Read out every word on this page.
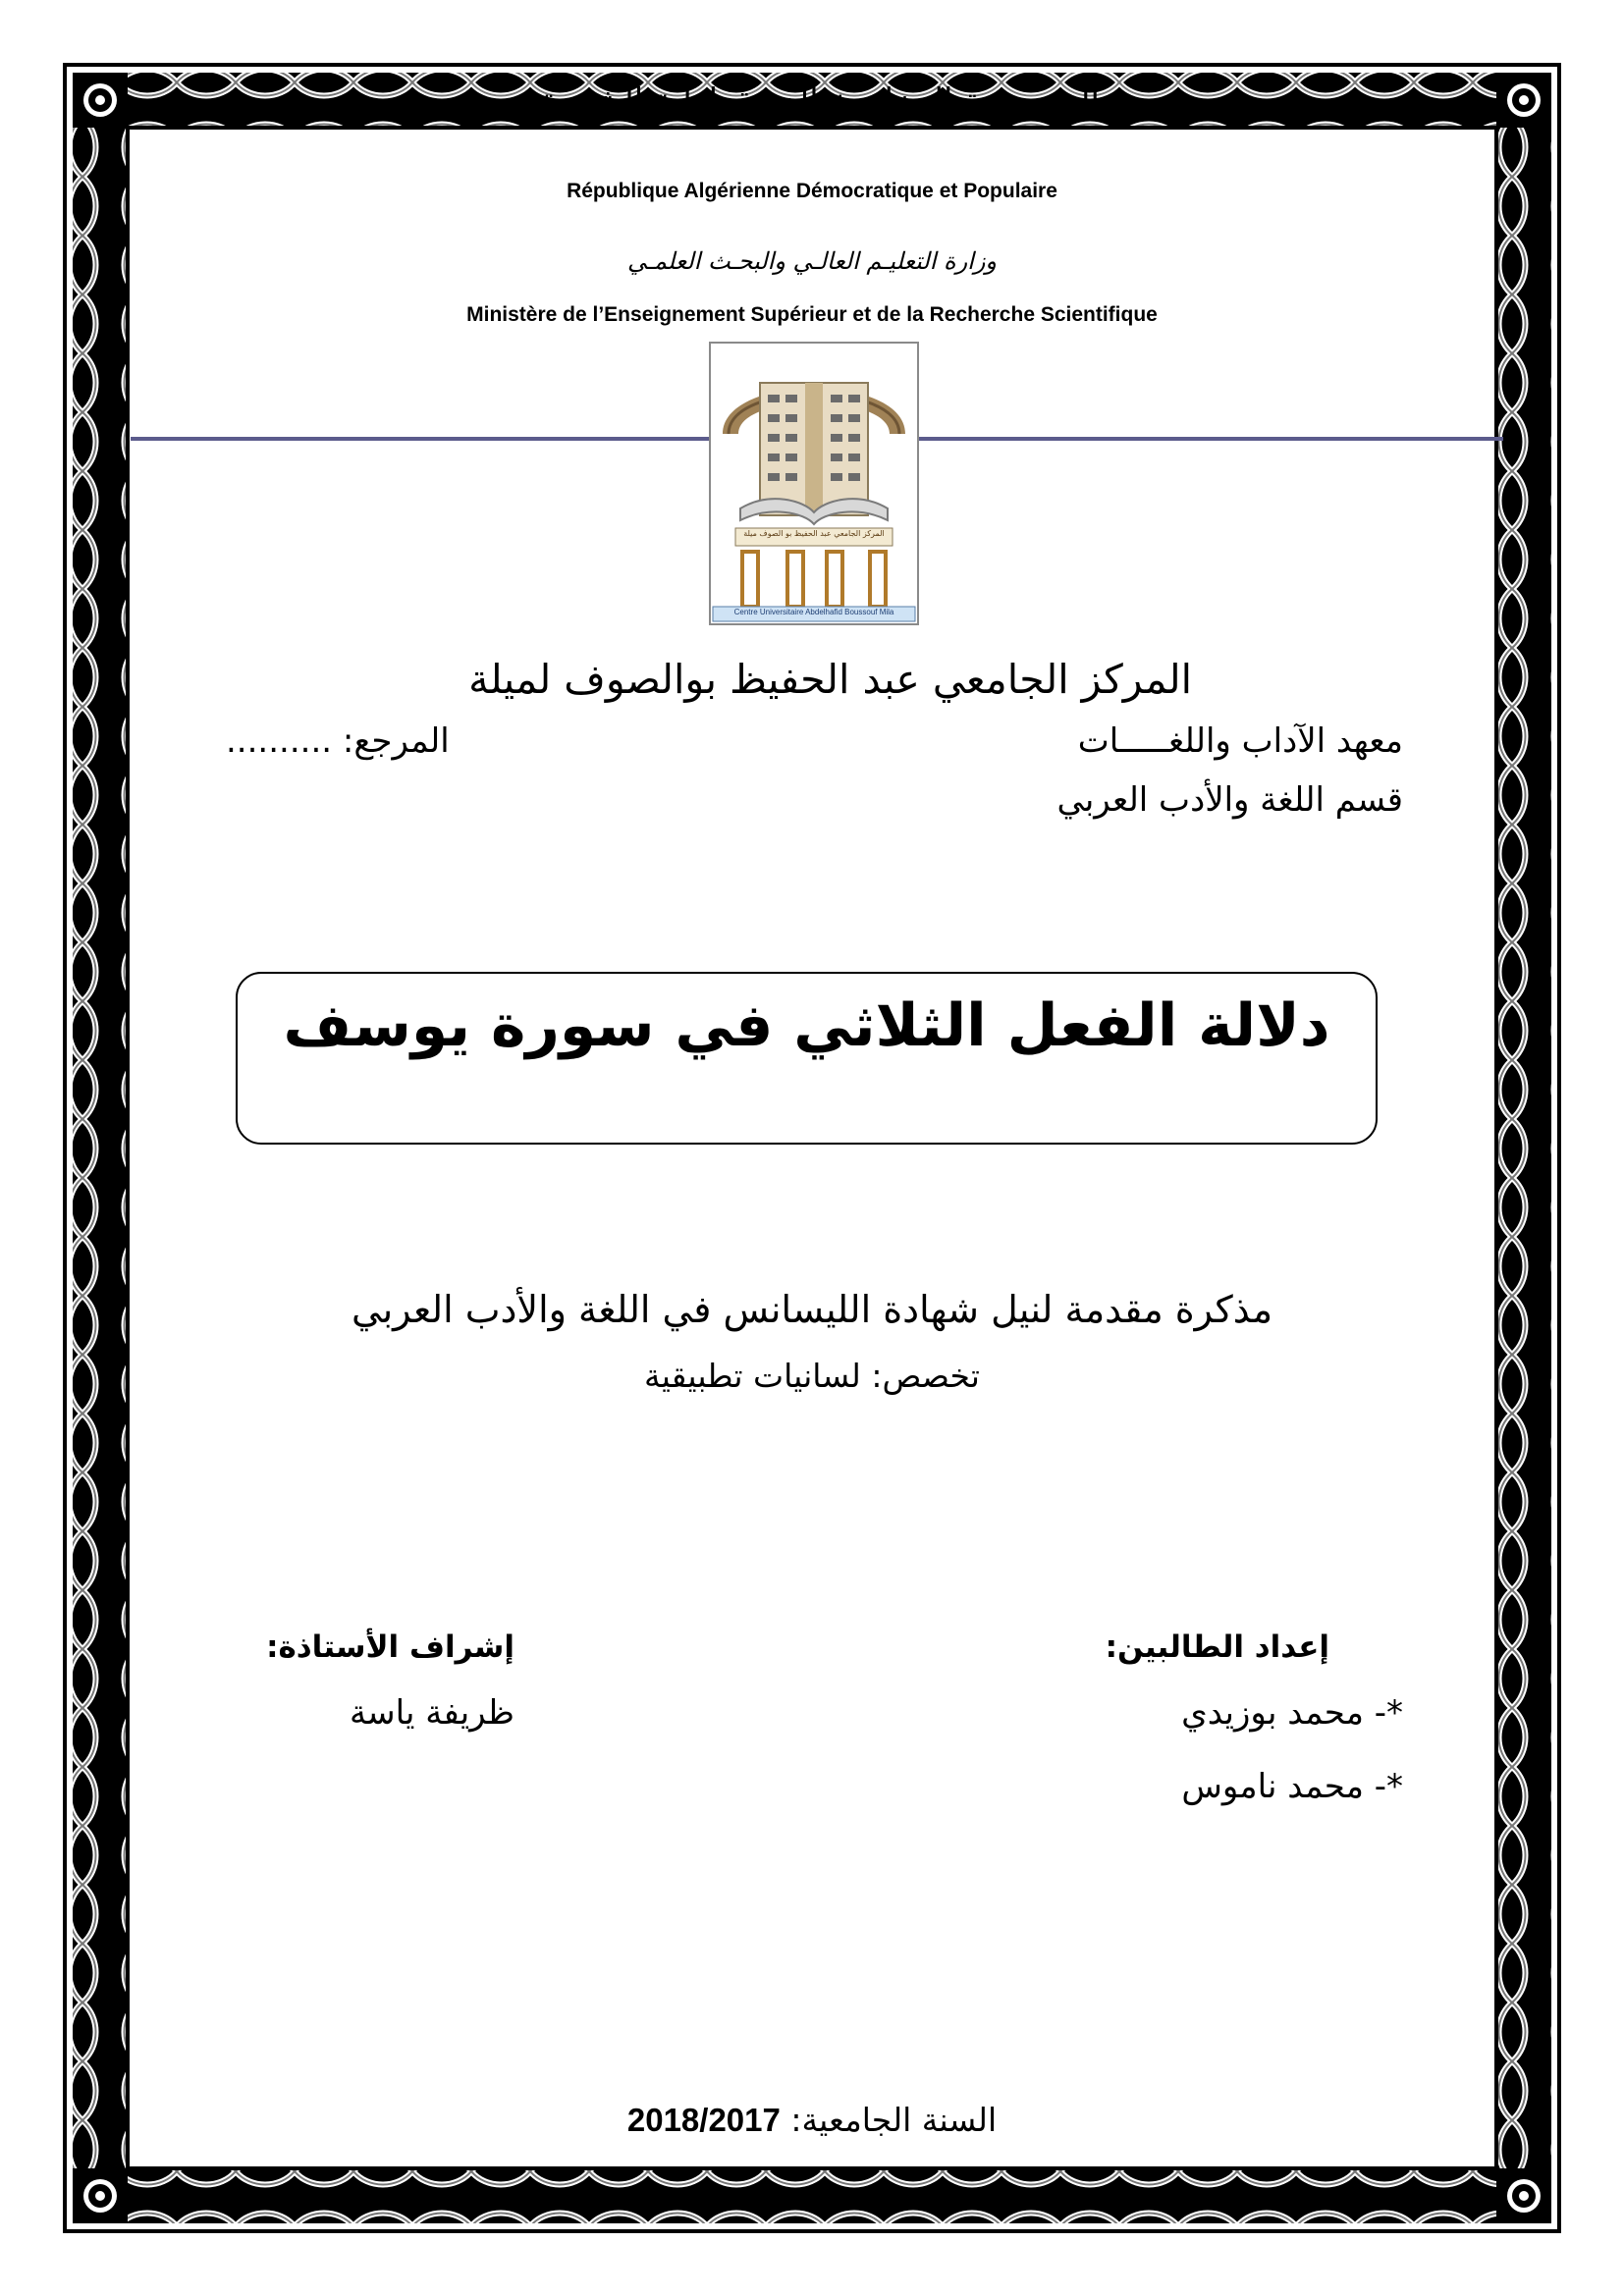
الجمهورية الجزائرية الديمقراطية الشعبية
République Algérienne Démocratique et Populaire
وزارة التعليـم العالـي والبحـث العلمـي
Ministère de l’Enseignement Supérieur et de la Recherche Scientifique
المركز الجامعي عبد الحفيظ بو الصوف ميلة
Centre Universitaire Abdelhafid Boussouf Mila
المركز الجامعي عبد الحفيظ بوالصوف لميلة
معهد الآداب واللغـــــات
المرجع: ..........
قسم اللغة والأدب العربي
دلالة الفعل الثلاثي في سورة يوسف
مذكرة مقدمة لنيل شهادة الليسانس في اللغة والأدب العربي
تخصص: لسانيات تطبيقية
إعداد الطالبين:
إشراف الأستاذة:
*- محمد بوزيدي
*- محمد ناموس
ظريفة ياسة
السنة الجامعية: 2018/2017
